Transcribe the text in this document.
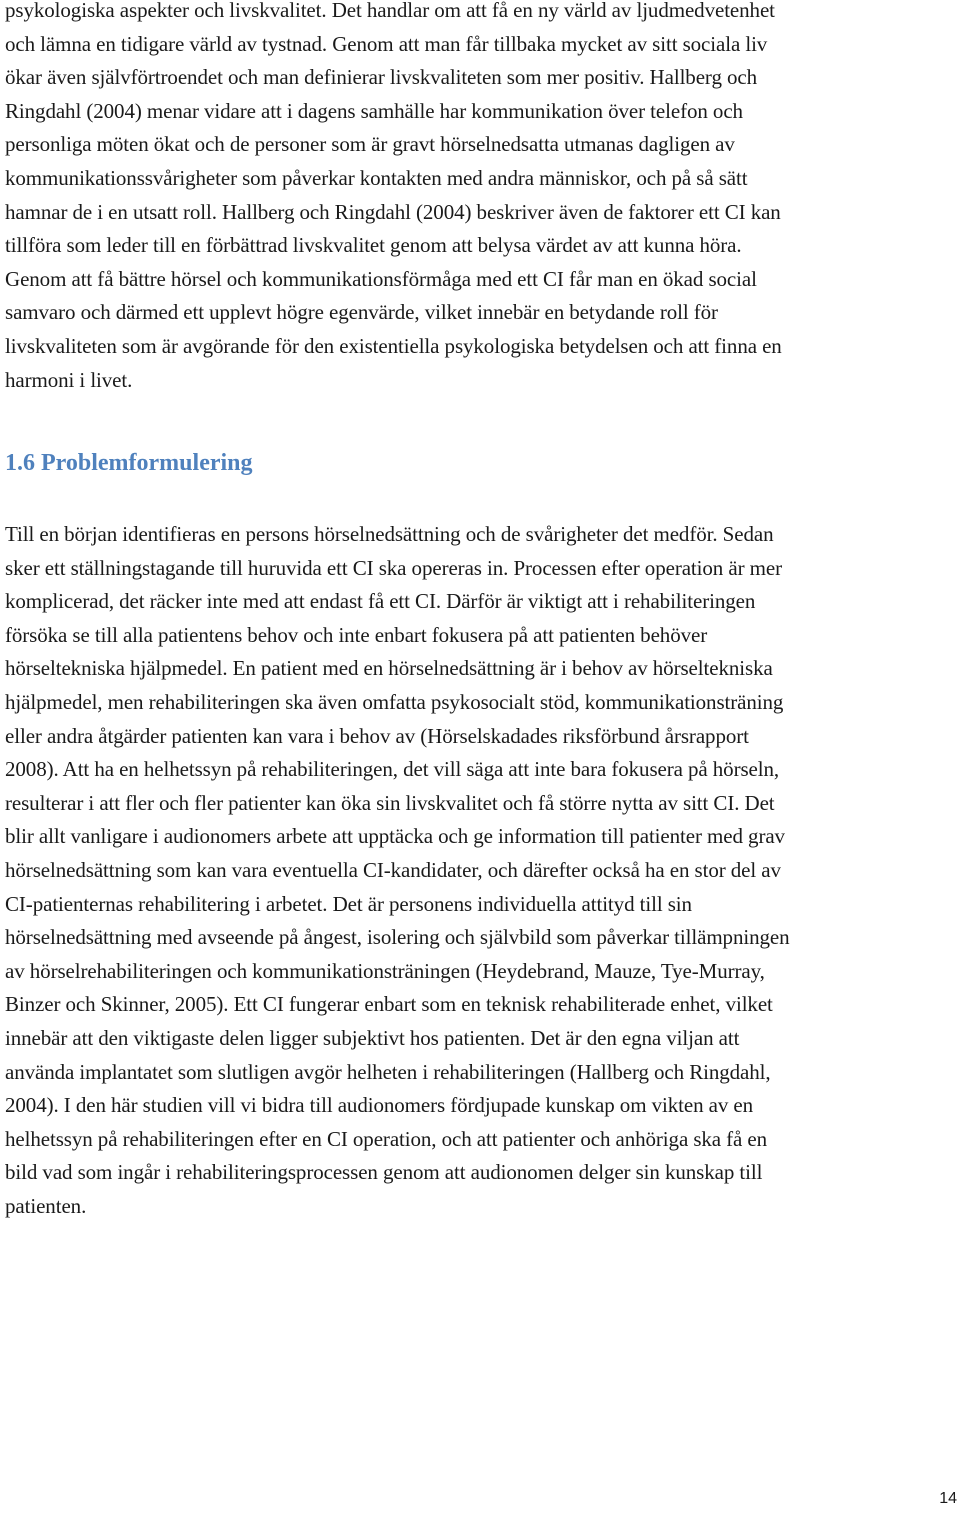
psykologiska aspekter och livskvalitet. Det handlar om att få en ny värld av ljudmedvetenhet
och lämna en tidigare värld av tystnad. Genom att man får tillbaka mycket av sitt sociala liv
ökar även självförtroendet och man definierar livskvaliteten som mer positiv. Hallberg och
Ringdahl (2004) menar vidare att i dagens samhälle har kommunikation över telefon och
personliga möten ökat och de personer som är gravt hörselnedsatta utmanas dagligen av
kommunikationssvårigheter som påverkar kontakten med andra människor, och på så sätt
hamnar de i en utsatt roll. Hallberg och Ringdahl (2004) beskriver även de faktorer ett CI kan
tillföra som leder till en förbättrad livskvalitet genom att belysa värdet av att kunna höra.
Genom att få bättre hörsel och kommunikationsförmåga med ett CI får man en ökad social
samvaro och därmed ett upplevt högre egenvärde, vilket innebär en betydande roll för
livskvaliteten som är avgörande för den existentiella psykologiska betydelsen och att finna en
harmoni i livet.
1.6 Problemformulering
Till en början identifieras en persons hörselnedsättning och de svårigheter det medför. Sedan
sker ett ställningstagande till huruvida ett CI ska opereras in. Processen efter operation är mer
komplicerad, det räcker inte med att endast få ett CI. Därför är viktigt att i rehabiliteringen
försöka se till alla patientens behov och inte enbart fokusera på att patienten behöver
hörseltekniska hjälpmedel. En patient med en hörselnedsättning är i behov av hörseltekniska
hjälpmedel, men rehabiliteringen ska även omfatta psykosocialt stöd, kommunikationsträning
eller andra åtgärder patienten kan vara i behov av (Hörselskadades riksförbund årsrapport
2008). Att ha en helhetssyn på rehabiliteringen, det vill säga att inte bara fokusera på hörseln,
resulterar i att fler och fler patienter kan öka sin livskvalitet och få större nytta av sitt CI. Det
blir allt vanligare i audionomers arbete att upptäcka och ge information till patienter med grav
hörselnedsättning som kan vara eventuella CI-kandidater, och därefter också ha en stor del av
CI-patienternas rehabilitering i arbetet. Det är personens individuella attityd till sin
hörselnedsättning med avseende på ångest, isolering och självbild som påverkar tillämpningen
av hörselrehabiliteringen och kommunikationsträningen (Heydebrand, Mauze, Tye-Murray,
Binzer och Skinner, 2005). Ett CI fungerar enbart som en teknisk rehabiliterade enhet, vilket
innebär att den viktigaste delen ligger subjektivt hos patienten. Det är den egna viljan att
använda implantatet som slutligen avgör helheten i rehabiliteringen (Hallberg och Ringdahl,
2004). I den här studien vill vi bidra till audionomers fördjupade kunskap om vikten av en
helhetssyn på rehabiliteringen efter en CI operation, och att patienter och anhöriga ska få en
bild vad som ingår i rehabiliteringsprocessen genom att audionomen delger sin kunskap till
patienten.
14
